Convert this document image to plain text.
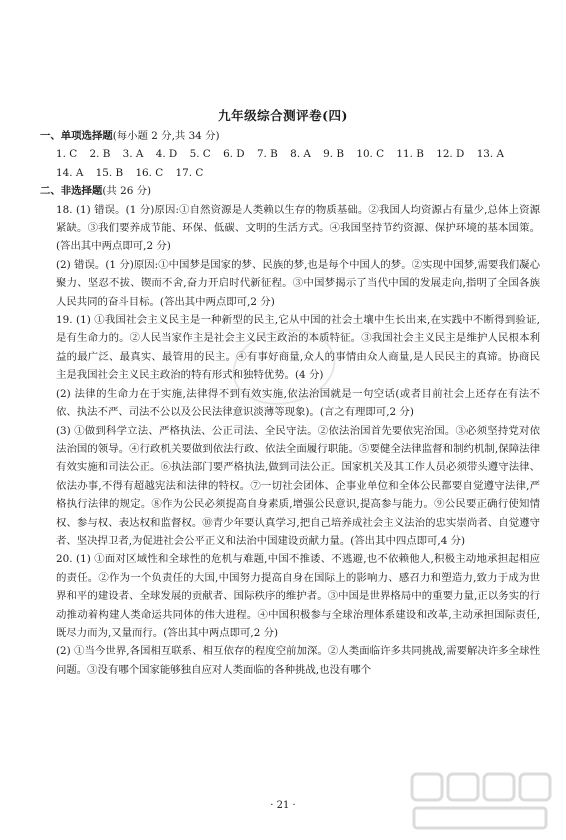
九年级综合测评卷(四)
一、单项选择题(每小题 2 分,共 34 分)
1. C 2. B 3. A 4. D 5. C 6. D 7. B 8. A 9. B 10. C 11. B 12. D 13. A
14. A 15. B 16. C 17. C
二、非选择题(共 26 分)
18. (1) 错误。(1 分)原因:①自然资源是人类赖以生存的物质基础。②我国人均资源占有量少,总体上资源紧缺。③我们要养成节能、环保、低碳、文明的生活方式。④我国坚持节约资源、保护环境的基本国策。(答出其中两点即可,2 分)
(2) 错误。(1 分)原因:①中国梦是国家的梦、民族的梦,也是每个中国人的梦。②实现中国梦,需要我们凝心聚力、坚忍不拔、锲而不舍,奋力开启时代新征程。③中国梦揭示了当代中国的发展走向,指明了全国各族人民共同的奋斗目标。(答出其中两点即可,2 分)
19. (1) ①我国社会主义民主是一种新型的民主,它从中国的社会土壤中生长出来,在实践中不断得到验证,是有生命力的。②人民当家作主是社会主义民主政治的本质特征。③我国社会主义民主是维护人民根本利益的最广泛、最真实、最管用的民主。④有事好商量,众人的事情由众人商量,是人民民主的真谛。协商民主是我国社会主义民主政治的特有形式和独特优势。(4 分)
(2) 法律的生命力在于实施,法律得不到有效实施,依法治国就是一句空话(或者目前社会上还存在有法不依、执法不严、司法不公以及公民法律意识淡薄等现象)。(言之有理即可,2 分)
(3) ①做到科学立法、严格执法、公正司法、全民守法。②依法治国首先要依宪治国。③必须坚持党对依法治国的领导。④行政机关要做到依法行政、依法全面履行职能。⑤要健全法律监督和制约机制,保障法律有效实施和司法公正。⑥执法部门要严格执法,做到司法公正。国家机关及其工作人员必须带头遵守法律、依法办事,不得有超越宪法和法律的特权。⑦一切社会团体、企事业单位和全体公民都要自觉遵守法律,严格执行法律的规定。⑧作为公民必须提高自身素质,增强公民意识,提高参与能力。⑨公民要正确行使知情权、参与权、表达权和监督权。⑩青少年要认真学习,把自己培养成社会主义法治的忠实崇尚者、自觉遵守者、坚决捍卫者,为促进社会公平正义和法治中国建设贡献力量。(答出其中四点即可,4 分)
20. (1) ①面对区域性和全球性的危机与难题,中国不推诿、不逃避,也不依赖他人,积极主动地承担起相应的责任。②作为一个负责任的大国,中国努力提高自身在国际上的影响力、感召力和塑造力,致力于成为世界和平的建设者、全球发展的贡献者、国际秩序的维护者。③中国是世界格局中的重要力量,正以务实的行动推动着构建人类命运共同体的伟大进程。④中国积极参与全球治理体系建设和改革,主动承担国际责任,既尽力而为,又量而行。(答出其中两点即可,2 分)
(2) ①当今世界,各国相互联系、相互依存的程度空前加深。②人类面临许多共同挑战,需要解决许多全球性问题。③没有哪个国家能够独自应对人类面临的各种挑战,也没有哪个
· 21 ·
